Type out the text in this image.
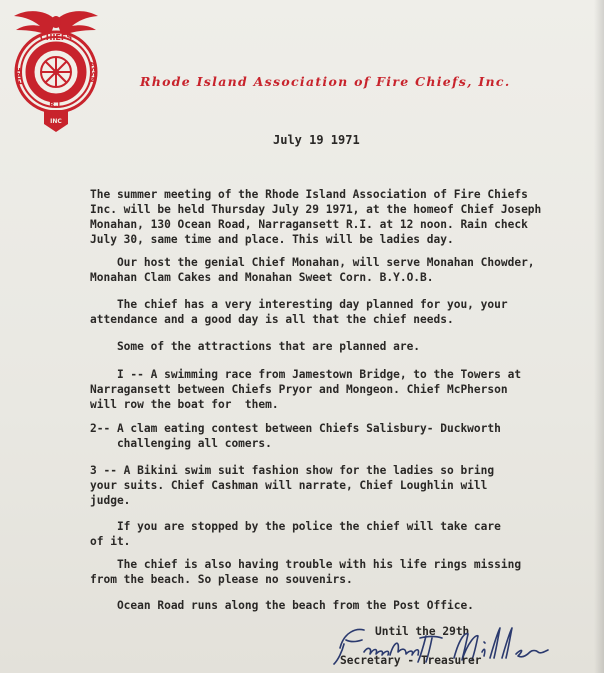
CHIEFS
FIRE	ASSN
R.I.
INC
Rhode Island Association of Fire Chiefs, Inc.
July 19 1971
The summer meeting of the Rhode Island Association of Fire Chiefs
Inc. will be held Thursday July 29 1971, at the homeof Chief Joseph
Monahan, 130 Ocean Road, Narragansett R.I. at 12 noon. Rain check
July 30, same time and place. This will be ladies day.
Our host the genial Chief Monahan, will serve Monahan Chowder,
Monahan Clam Cakes and Monahan Sweet Corn. B.Y.O.B.
The chief has a very interesting day planned for you, your
attendance and a good day is all that the chief needs.
Some of the attractions that are planned are.
I -- A swimming race from Jamestown Bridge, to the Towers at
Narragansett between Chiefs Pryor and Mongeon. Chief McPherson
will row the boat for  them.
2-- A clam eating contest between Chiefs Salisbury- Duckworth
challenging all comers.
3 -- A Bikini swim suit fashion show for the ladies so bring
your suits. Chief Cashman will narrate, Chief Loughlin will
judge.
If you are stopped by the police the chief will take care
of it.
The chief is also having trouble with his life rings missing
from the beach. So please no souvenirs.
Ocean Road runs along the beach from the Post Office.
Until the 29th
Secretary - Treasurer
